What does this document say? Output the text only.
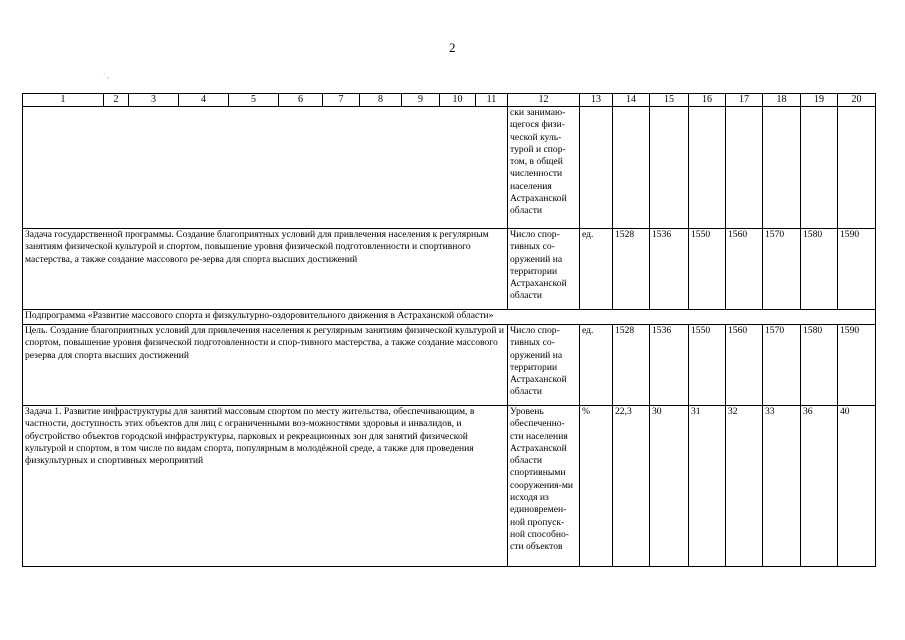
2
` ,
1	2	3	4	5	6	7	8	9	10	11	12	13	14	15	16	17	18	19	20
											ски занимаю-щегося физи-ческой куль-турой и спор-том, в общей численности населения Астраханской области								
Задача государственной программы. Создание благоприятных условий для привлечения населения к регулярным занятиям физической культурой и спортом, повышение уровня физической подготовленности и спортивного мастерства, а также создание массового ре-зерва для спорта высших достижений											Число спор-тивных со-оружений на территории Астраханской области	ед.	1528	1536	1550	1560	1570	1580	1590
Подпрограмма «Развитие массового спорта и физкультурно-оздоровительного движения в Астраханской области»																			
Цель. Создание благоприятных условий для привлечения населения к регулярным занятиям физической культурой и спортом, повышение уровня физической подготовленности и спор-тивного мастерства, а также создание массового резерва для спорта высших достижений											Число спор-тивных со-оружений на территории Астраханской области	ед.	1528	1536	1550	1560	1570	1580	1590
Задача 1. Развитие инфраструктуры для занятий массовым спортом по месту жительства, обеспечивающим, в частности, доступность этих объектов для лиц с ограниченными воз-можностями здоровья и инвалидов, и обустройство объектов городской инфраструктуры, парковых и рекреационных зон для занятий физической культурой и спортом, в том числе по видам спорта, популярным в молодёжной среде, а также для проведения физкультурных и спортивных мероприятий											Уровень обеспеченно-сти населения Астраханской области спортивными сооружения-ми исходя из единовремен-ной пропуск-ной способно-сти объектов	%	22,3	30	31	32	33	36	40
